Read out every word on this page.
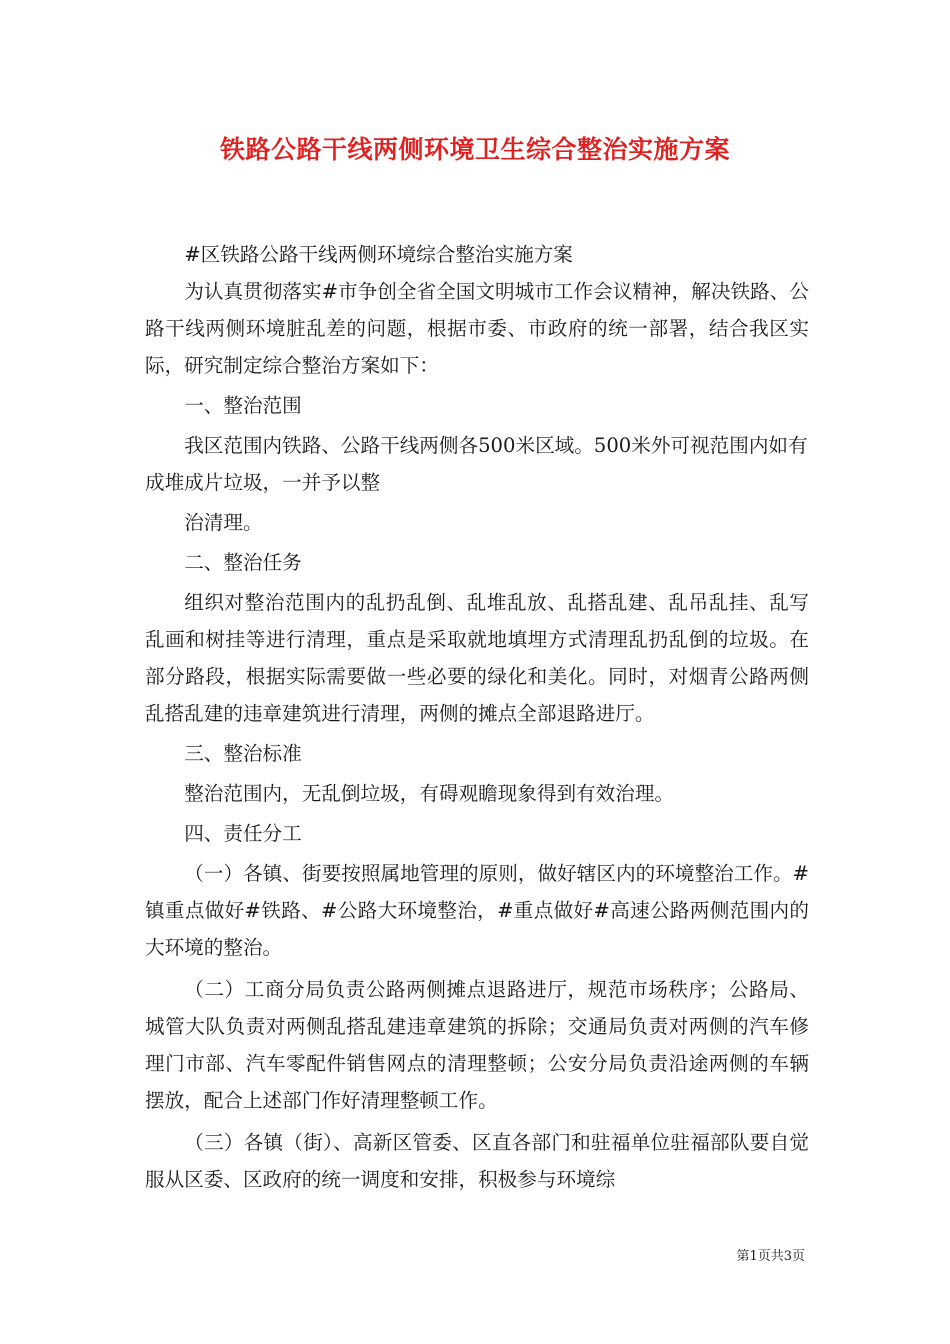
铁路公路干线两侧环境卫生综合整治实施方案

#区铁路公路干线两侧环境综合整治实施方案

为认真贯彻落实#市争创全省全国文明城市工作会议精神，解决铁路、公路干线两侧环境脏乱差的问题，根据市委、市政府的统一部署，结合我区实际，研究制定综合整治方案如下：

一、整治范围

我区范围内铁路、公路干线两侧各500米区域。500米外可视范围内如有成堆成片垃圾，一并予以整

治清理。

二、整治任务

组织对整治范围内的乱扔乱倒、乱堆乱放、乱搭乱建、乱吊乱挂、乱写乱画和树挂等进行清理，重点是采取就地填埋方式清理乱扔乱倒的垃圾。在部分路段，根据实际需要做一些必要的绿化和美化。同时，对烟青公路两侧乱搭乱建的违章建筑进行清理，两侧的摊点全部退路进厅。

三、整治标准

整治范围内，无乱倒垃圾，有碍观瞻现象得到有效治理。

四、责任分工

（一）各镇、街要按照属地管理的原则，做好辖区内的环境整治工作。#镇重点做好#铁路、#公路大环境整治，#重点做好#高速公路两侧范围内的大环境的整治。

（二）工商分局负责公路两侧摊点退路进厅，规范市场秩序；公路局、城管大队负责对两侧乱搭乱建违章建筑的拆除；交通局负责对两侧的汽车修理门市部、汽车零配件销售网点的清理整顿；公安分局负责沿途两侧的车辆摆放，配合上述部门作好清理整顿工作。

（三）各镇（街）、高新区管委、区直各部门和驻福单位驻福部队要自觉服从区委、区政府的统一调度和安排，积极参与环境综

第1页共3页
